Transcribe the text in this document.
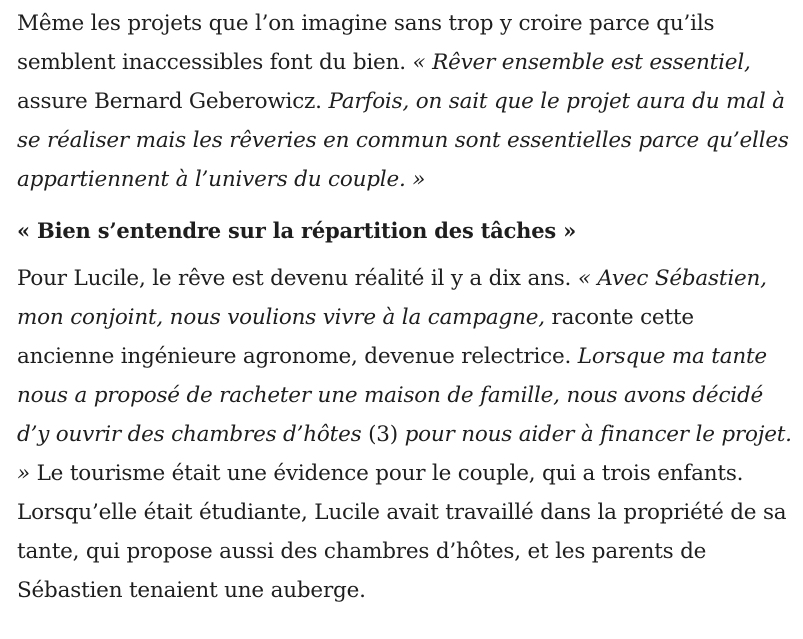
Même les projets que l’on imagine sans trop y croire parce qu’ils semblent inaccessibles font du bien. « Rêver ensemble est essentiel, assure Bernard Geberowicz. Parfois, on sait que le projet aura du mal à se réaliser mais les rêveries en commun sont essentielles parce qu’elles appartiennent à l’univers du couple. »

« Bien s’entendre sur la répartition des tâches »

Pour Lucile, le rêve est devenu réalité il y a dix ans. « Avec Sébastien, mon conjoint, nous voulions vivre à la campagne, raconte cette ancienne ingénieure agronome, devenue relectrice. Lorsque ma tante nous a proposé de racheter une maison de famille, nous avons décidé d’y ouvrir des chambres d’hôtes (3) pour nous aider à financer le projet. » Le tourisme était une évidence pour le couple, qui a trois enfants. Lorsqu’elle était étudiante, Lucile avait travaillé dans la propriété de sa tante, qui propose aussi des chambres d’hôtes, et les parents de Sébastien tenaient une auberge.
